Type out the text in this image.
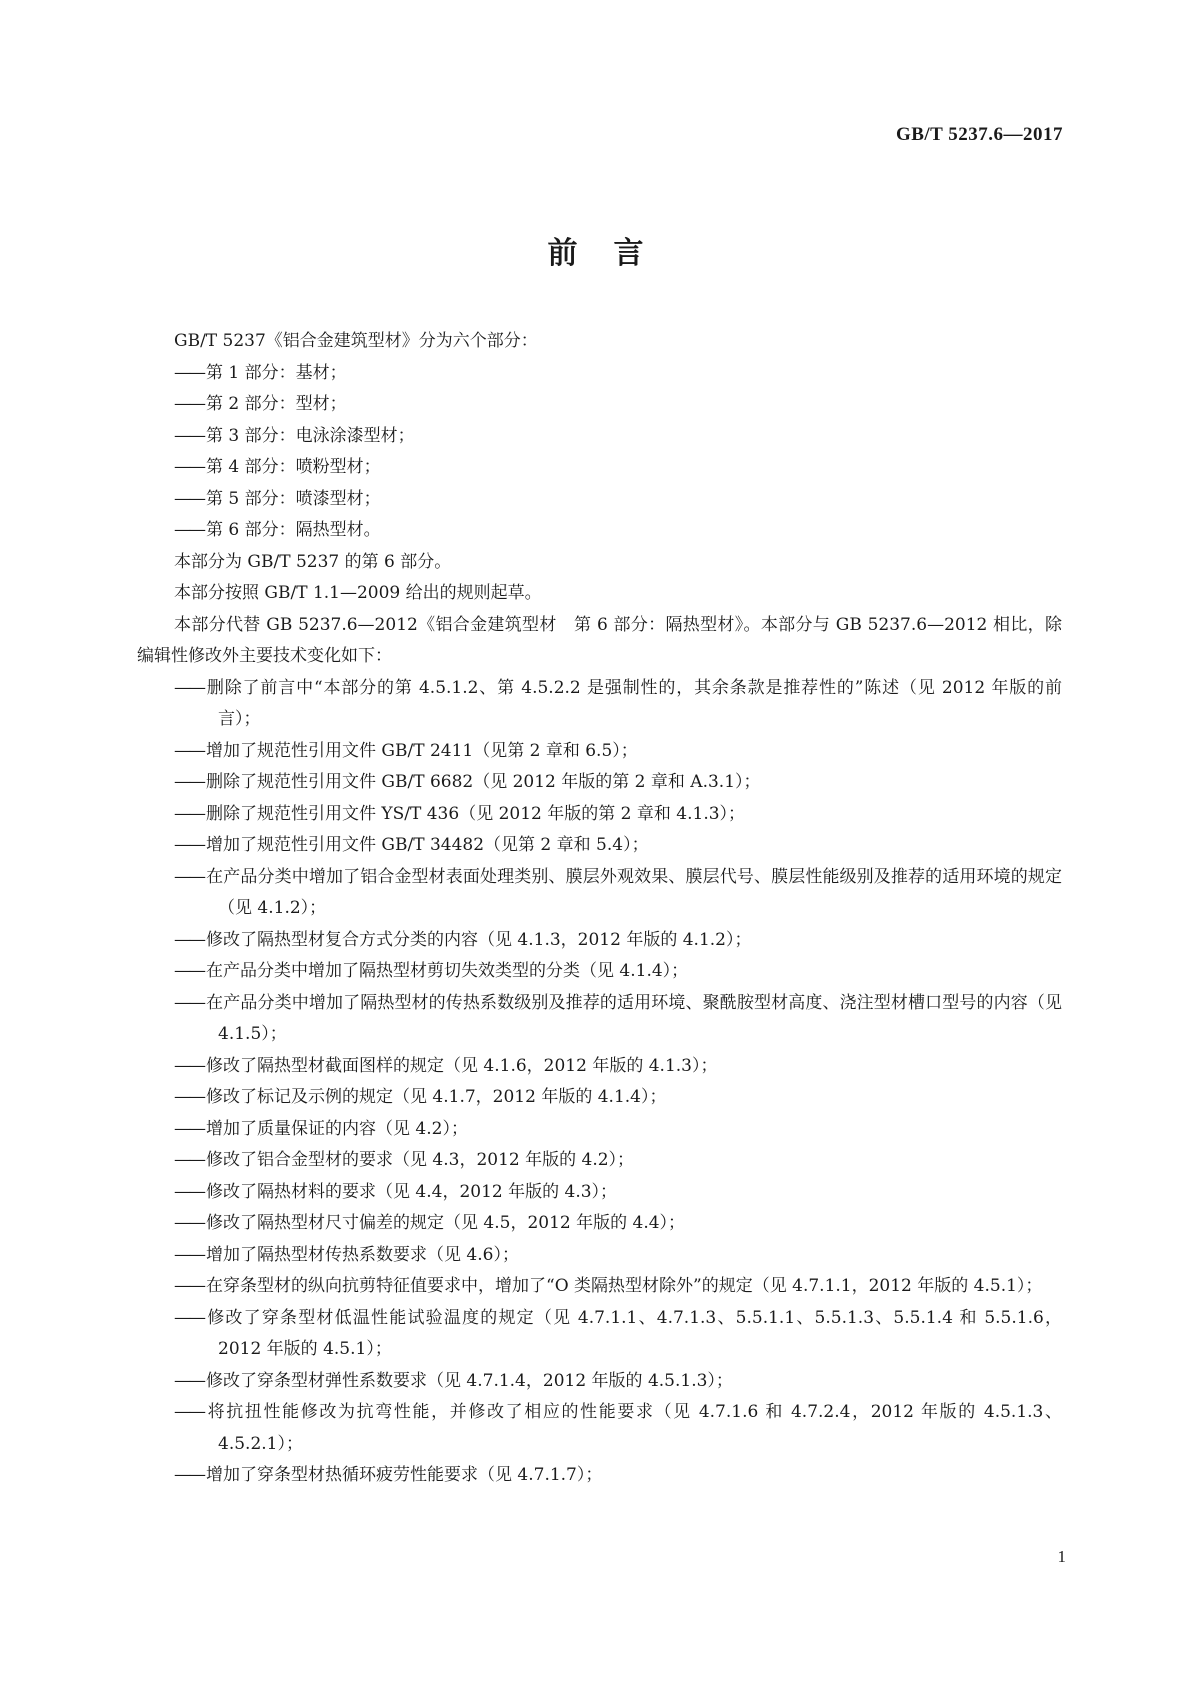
GB/T 5237.6—2017
前言

GB/T 5237《铝合金建筑型材》分为六个部分：

—— 第 1 部分：基材；

—— 第 2 部分：型材；

—— 第 3 部分：电泳涂漆型材；

—— 第 4 部分：喷粉型材；

—— 第 5 部分：喷漆型材；

—— 第 6 部分：隔热型材。

本部分为 GB/T 5237 的第 6 部分。

本部分按照 GB/T 1.1—2009 给出的规则起草。

本部分代替 GB 5237.6—2012《铝合金建筑型材　第 6 部分：隔热型材》。本部分与 GB 5237.6—2012 相比，除编辑性修改外主要技术变化如下：

—— 删除了前言中“本部分的第 4.5.1.2、第 4.5.2.2 是强制性的，其余条款是推荐性的”陈述（见 2012 年版的前言）；

—— 增加了规范性引用文件 GB/T 2411（见第 2 章和 6.5）；

—— 删除了规范性引用文件 GB/T 6682（见 2012 年版的第 2 章和 A.3.1）；

—— 删除了规范性引用文件 YS/T 436（见 2012 年版的第 2 章和 4.1.3）；

—— 增加了规范性引用文件 GB/T 34482（见第 2 章和 5.4）；

—— 在产品分类中增加了铝合金型材表面处理类别、膜层外观效果、膜层代号、膜层性能级别及推荐的适用环境的规定（见 4.1.2）；

—— 修改了隔热型材复合方式分类的内容（见 4.1.3，2012 年版的 4.1.2）；

—— 在产品分类中增加了隔热型材剪切失效类型的分类（见 4.1.4）；

—— 在产品分类中增加了隔热型材的传热系数级别及推荐的适用环境、聚酰胺型材高度、浇注型材槽口型号的内容（见 4.1.5）；

—— 修改了隔热型材截面图样的规定（见 4.1.6，2012 年版的 4.1.3）；

—— 修改了标记及示例的规定（见 4.1.7，2012 年版的 4.1.4）；

—— 增加了质量保证的内容（见 4.2）；

—— 修改了铝合金型材的要求（见 4.3，2012 年版的 4.2）；

—— 修改了隔热材料的要求（见 4.4，2012 年版的 4.3）；

—— 修改了隔热型材尺寸偏差的规定（见 4.5，2012 年版的 4.4）；

—— 增加了隔热型材传热系数要求（见 4.6）；

—— 在穿条型材的纵向抗剪特征值要求中，增加了“O 类隔热型材除外”的规定（见 4.7.1.1，2012 年版的 4.5.1）；

—— 修改了穿条型材低温性能试验温度的规定（见 4.7.1.1、4.7.1.3、5.5.1.1、5.5.1.3、5.5.1.4 和 5.5.1.6，2012 年版的 4.5.1）；

—— 修改了穿条型材弹性系数要求（见 4.7.1.4，2012 年版的 4.5.1.3）；

—— 将抗扭性能修改为抗弯性能，并修改了相应的性能要求（见 4.7.1.6 和 4.7.2.4，2012 年版的 4.5.1.3、4.5.2.1）；

—— 增加了穿条型材热循环疲劳性能要求（见 4.7.1.7）；

1
